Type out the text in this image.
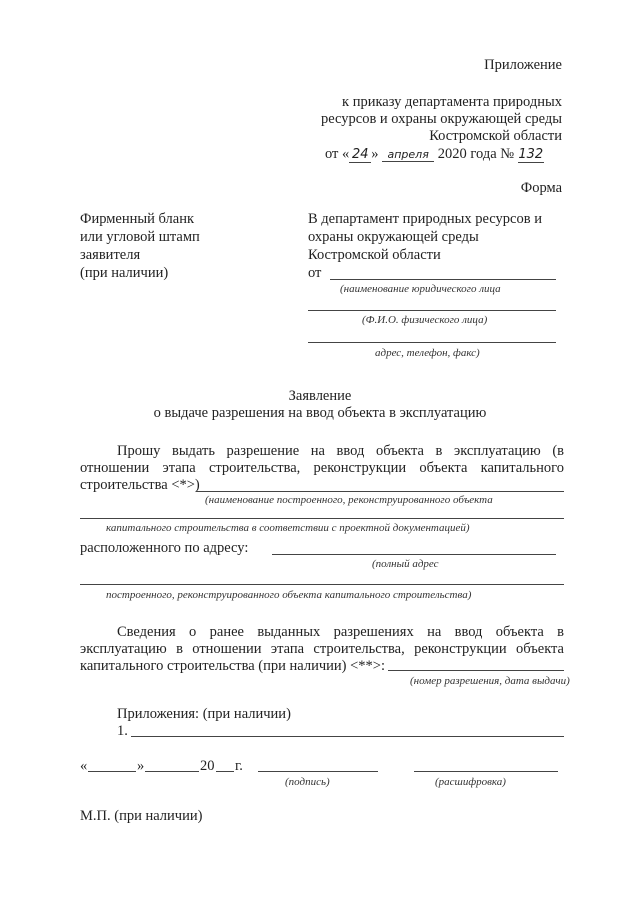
Приложение
к приказу департамента природных
ресурсов и охраны окружающей среды
Костромской области
от « 24 » апреля 2020 года № 132
Форма
Фирменный бланк
или угловой штамп
заявителя
(при наличии)
В департамент природных ресурсов и
охраны окружающей среды
Костромской области
от
(наименование юридического лица
(Ф.И.О. физического лица)
адрес, телефон, факс)
Заявление
о выдаче разрешения на ввод объекта в эксплуатацию
Прошу выдать разрешение на ввод объекта в эксплуатацию (в
отношении этапа строительства, реконструкции объекта капитального
строительства <*>)
(наименование построенного, реконструированного объекта
капитального строительства в соответствии с проектной документацией)
расположенного по адресу:
(полный адрес
построенного, реконструированного объекта капитального строительства)
Сведения о ранее выданных разрешениях на ввод объекта в
эксплуатацию в отношении этапа строительства, реконструкции объекта
капитального строительства (при наличии) <**>:
(номер разрешения, дата выдачи)
Приложения: (при наличии)
1.
«	»	20 г.
(подпись)	(расшифровка)
М.П. (при наличии)
